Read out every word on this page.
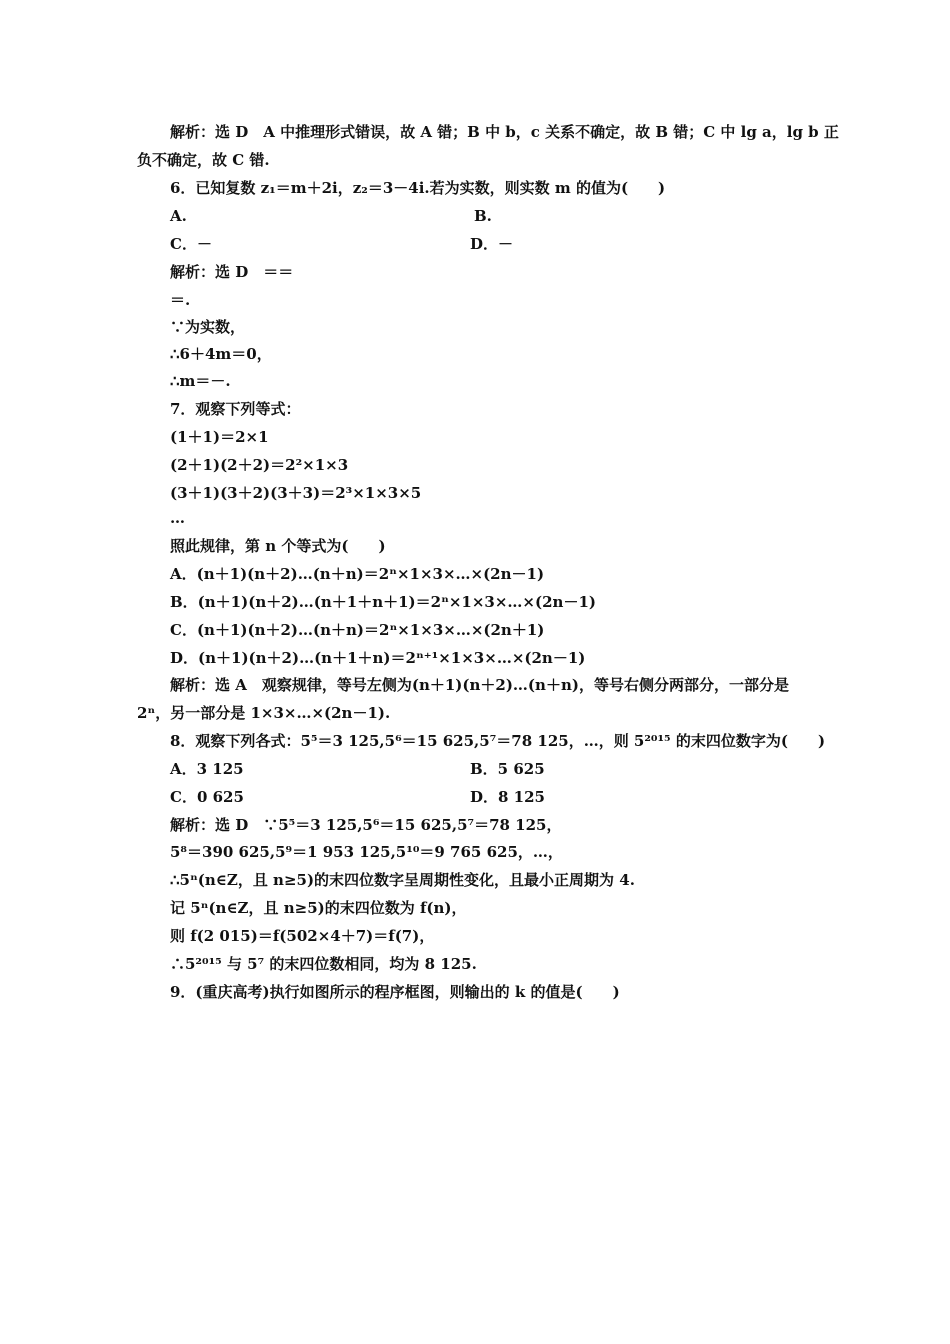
解析：选 D　A 中推理形式错误，故 A 错；B 中 b，c 关系不确定，故 B 错；C 中 lg a，lg b 正
负不确定，故 C 错.
6．已知复数 z₁＝m＋2i，z₂＝3－4i.若为实数，则实数 m 的值为(　　)
A.	B.
C．－	D．－
解析：选 D　＝＝
＝.
∵为实数，
∴6＋4m＝0，
∴m＝－.
7．观察下列等式：
(1＋1)＝2×1
(2＋1)(2＋2)＝2²×1×3
(3＋1)(3＋2)(3＋3)＝2³×1×3×5
…
照此规律，第 n 个等式为(　　)
A．(n＋1)(n＋2)…(n＋n)＝2ⁿ×1×3×…×(2n－1)
B．(n＋1)(n＋2)…(n＋1＋n＋1)＝2ⁿ×1×3×…×(2n－1)
C．(n＋1)(n＋2)…(n＋n)＝2ⁿ×1×3×…×(2n＋1)
D．(n＋1)(n＋2)…(n＋1＋n)＝2ⁿ⁺¹×1×3×…×(2n－1)
解析：选 A　观察规律，等号左侧为(n＋1)(n＋2)…(n＋n)，等号右侧分两部分，一部分是
2ⁿ，另一部分是 1×3×…×(2n－1).
8．观察下列各式：5⁵＝3 125,5⁶＝15 625,5⁷＝78 125，…，则 5²⁰¹⁵ 的末四位数字为(　　)
A．3 125	B．5 625
C．0 625	D．8 125
解析：选 D　∵5⁵＝3 125,5⁶＝15 625,5⁷＝78 125，
5⁸＝390 625,5⁹＝1 953 125,5¹⁰＝9 765 625，…，
∴5ⁿ(n∈Z，且 n≥5)的末四位数字呈周期性变化，且最小正周期为 4.
记 5ⁿ(n∈Z，且 n≥5)的末四位数为 f(n)，
则 f(2 015)＝f(502×4＋7)＝f(7)，
∴5²⁰¹⁵ 与 5⁷ 的末四位数相同，均为 8 125.
9．(重庆高考)执行如图所示的程序框图，则输出的 k 的值是(　　)
